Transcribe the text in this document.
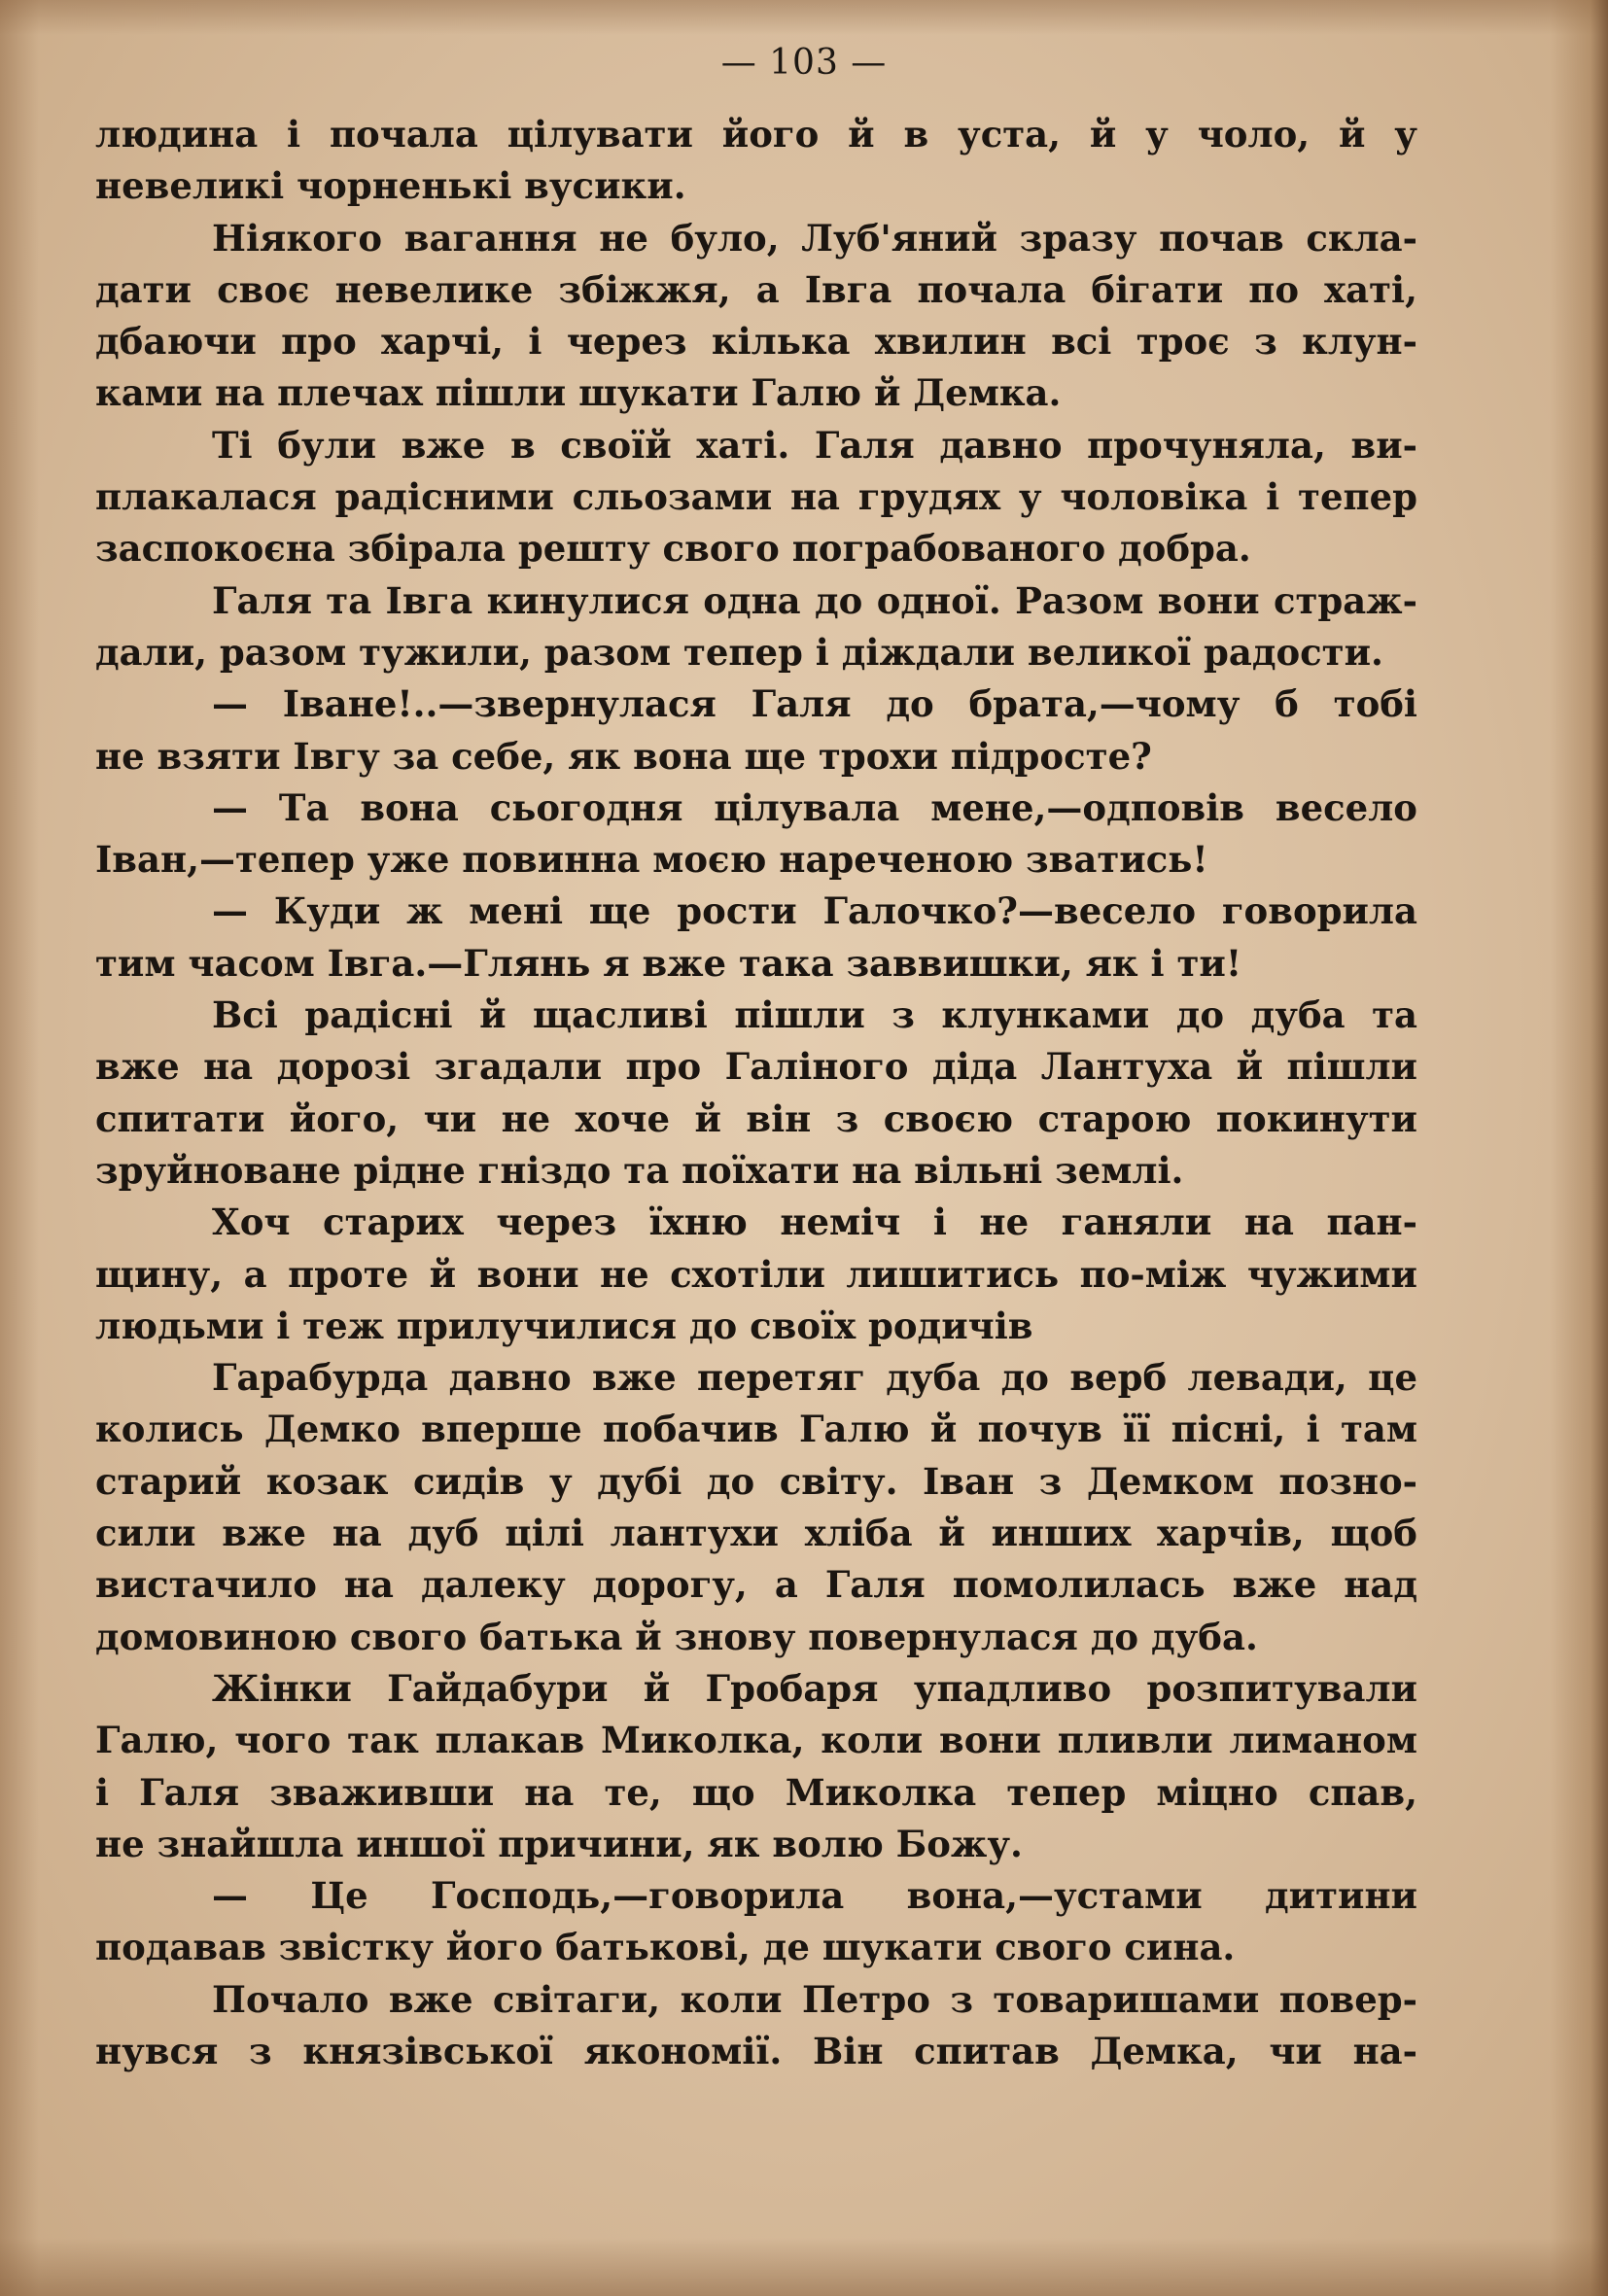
— 103 —
людина і почала цілувати його й в уста, й у чоло, й у
невеликі чорненькі вусики.
Ніякого вагання не було, Луб'яний зразу почав скла-
дати своє невелике збіжжя, а Івга почала бігати по хаті,
дбаючи про харчі, і через кілька хвилин всі троє з клун-
ками на плечах пішли шукати Галю й Демка.
Ті були вже в своїй хаті. Галя давно прочуняла, ви-
плакалася радісними сльозами на грудях у чоловіка і тепер
заспокоєна збірала решту свого пограбованого добра.
Галя та Івга кинулися одна до одної. Разом вони страж-
дали, разом тужили, разом тепер і діждали великої радости.
— Іване!..—звернулася Галя до брата,—чому б тобі
не взяти Івгу за себе, як вона ще трохи підросте?
— Та вона сьогодня цілувала мене,—одповів весело
Іван,—тепер уже повинна моєю нареченою зватись!
— Куди ж мені ще рости Галочко?—весело говорила
тим часом Івга.—Глянь я вже така заввишки, як і ти!
Всі радісні й щасливі пішли з клунками до дуба та
вже на дорозі згадали про Галіного діда Лантуха й пішли
спитати його, чи не хоче й він з своєю старою покинути
зруйноване рідне гніздо та поїхати на вільні землі.
Хоч старих через їхню неміч і не ганяли на пан-
щину, а проте й вони не схотіли лишитись по-між чужими
людьми і теж прилучилися до своїх родичів
Гарабурда давно вже перетяг дуба до верб левади, це
колись Демко вперше побачив Галю й почув її пісні, і там
старий козак сидів у дубі до світу. Іван з Демком позно-
сили вже на дуб цілі лантухи хліба й инших харчів, щоб
вистачило на далеку дорогу, а Галя помолилась вже над
домовиною свого батька й знову повернулася до дуба.
Жінки Гайдабури й Гробаря упадливо розпитували
Галю, чого так плакав Миколка, коли вони пливли лиманом
і Галя зваживши на те, що Миколка тепер міцно спав,
не знайшла иншої причини, як волю Божу.
— Це Господь,—говорила вона,—устами дитини
подавав звістку його батькові, де шукати свого сина.
Почало вже світаги, коли Петро з товаришами повер-
нувся з князівської якономії. Він спитав Демка, чи на-
